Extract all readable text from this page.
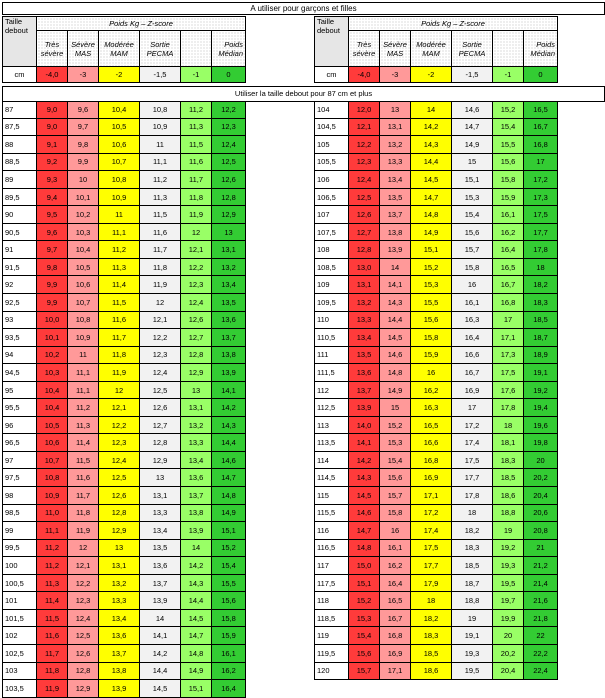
A utiliser pour garçons et filles
Taille debout	Poids Kg – Z-score					
	Très sévère	Sévère MAS	Modérée MAM	Sortie PECMA		Poids Médian
cm	-4,0	-3	-2	-1,5	-1	0

87	9,0	9,6	10,4	10,8	11,2	12,2
87,5	9,0	9,7	10,5	10,9	11,3	12,3
88	9,1	9,8	10,6	11	11,5	12,4
88,5	9,2	9,9	10,7	11,1	11,6	12,5
89	9,3	10	10,8	11,2	11,7	12,6
89,5	9,4	10,1	10,9	11,3	11,8	12,8
90	9,5	10,2	11	11,5	11,9	12,9
90,5	9,6	10,3	11,1	11,6	12	13
91	9,7	10,4	11,2	11,7	12,1	13,1
91,5	9,8	10,5	11,3	11,8	12,2	13,2
92	9,9	10,6	11,4	11,9	12,3	13,4
92,5	9,9	10,7	11,5	12	12,4	13,5
93	10,0	10,8	11,6	12,1	12,6	13,6
93,5	10,1	10,9	11,7	12,2	12,7	13,7
94	10,2	11	11,8	12,3	12,8	13,8
94,5	10,3	11,1	11,9	12,4	12,9	13,9
95	10,4	11,1	12	12,5	13	14,1
95,5	10,4	11,2	12,1	12,6	13,1	14,2
96	10,5	11,3	12,2	12,7	13,2	14,3
96,5	10,6	11,4	12,3	12,8	13,3	14,4
97	10,7	11,5	12,4	12,9	13,4	14,6
97,5	10,8	11,6	12,5	13	13,6	14,7
98	10,9	11,7	12,6	13,1	13,7	14,8
98,5	11,0	11,8	12,8	13,3	13,8	14,9
99	11,1	11,9	12,9	13,4	13,9	15,1
99,5	11,2	12	13	13,5	14	15,2
100	11,2	12,1	13,1	13,6	14,2	15,4
100,5	11,3	12,2	13,2	13,7	14,3	15,5
101	11,4	12,3	13,3	13,9	14,4	15,6
101,5	11,5	12,4	13,4	14	14,5	15,8
102	11,6	12,5	13,6	14,1	14,7	15,9
102,5	11,7	12,6	13,7	14,2	14,8	16,1
103	11,8	12,8	13,8	14,4	14,9	16,2
103,5	11,9	12,9	13,9	14,5	15,1	16,4
Taille debout	Poids Kg – Z-score					
	Très sévère	Sévère MAS	Modérée MAM	Sortie PECMA		Poids Médian
cm	-4,0	-3	-2	-1,5	-1	0

104	12,0	13	14	14,6	15,2	16,5
104,5	12,1	13,1	14,2	14,7	15,4	16,7
105	12,2	13,2	14,3	14,9	15,5	16,8
105,5	12,3	13,3	14,4	15	15,6	17
106	12,4	13,4	14,5	15,1	15,8	17,2
106,5	12,5	13,5	14,7	15,3	15,9	17,3
107	12,6	13,7	14,8	15,4	16,1	17,5
107,5	12,7	13,8	14,9	15,6	16,2	17,7
108	12,8	13,9	15,1	15,7	16,4	17,8
108,5	13,0	14	15,2	15,8	16,5	18
109	13,1	14,1	15,3	16	16,7	18,2
109,5	13,2	14,3	15,5	16,1	16,8	18,3
110	13,3	14,4	15,6	16,3	17	18,5
110,5	13,4	14,5	15,8	16,4	17,1	18,7
111	13,5	14,6	15,9	16,6	17,3	18,9
111,5	13,6	14,8	16	16,7	17,5	19,1
112	13,7	14,9	16,2	16,9	17,6	19,2
112,5	13,9	15	16,3	17	17,8	19,4
113	14,0	15,2	16,5	17,2	18	19,6
113,5	14,1	15,3	16,6	17,4	18,1	19,8
114	14,2	15,4	16,8	17,5	18,3	20
114,5	14,3	15,6	16,9	17,7	18,5	20,2
115	14,5	15,7	17,1	17,8	18,6	20,4
115,5	14,6	15,8	17,2	18	18,8	20,6
116	14,7	16	17,4	18,2	19	20,8
116,5	14,8	16,1	17,5	18,3	19,2	21
117	15,0	16,2	17,7	18,5	19,3	21,2
117,5	15,1	16,4	17,9	18,7	19,5	21,4
118	15,2	16,5	18	18,8	19,7	21,6
118,5	15,3	16,7	18,2	19	19,9	21,8
119	15,4	16,8	18,3	19,1	20	22
119,5	15,6	16,9	18,5	19,3	20,2	22,2
120	15,7	17,1	18,6	19,5	20,4	22,4
Utiliser la taille debout pour 87 cm et plus
